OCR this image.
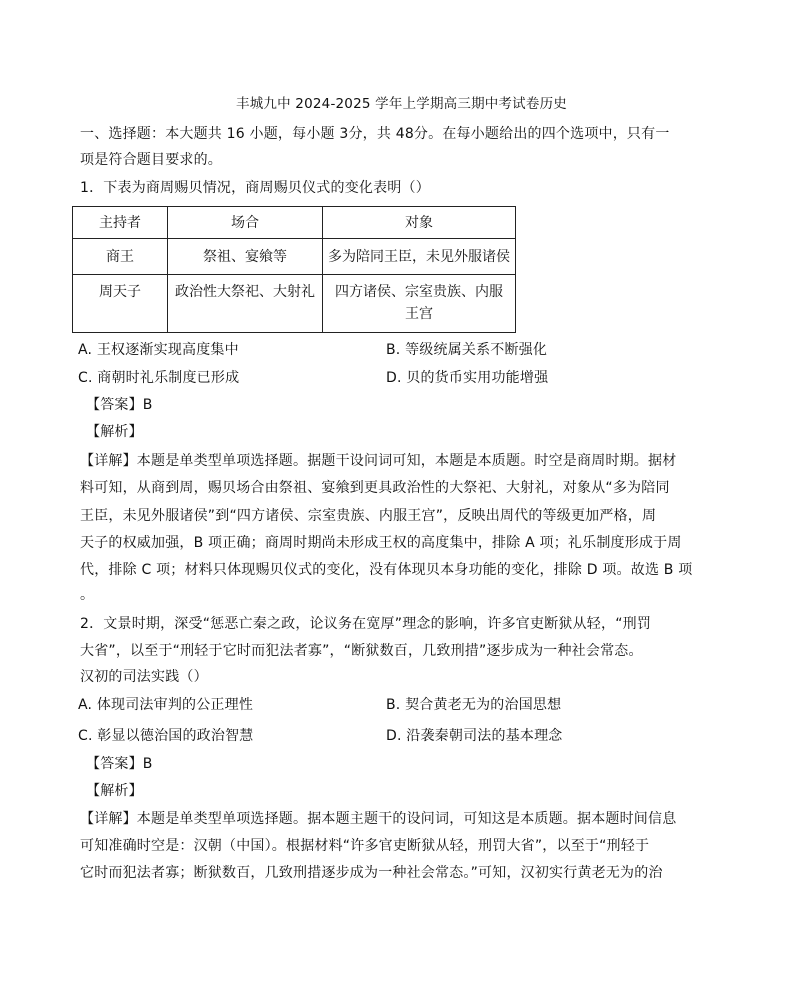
丰城九中 2024-2025 学年上学期高三期中考试卷历史
一、选择题：本大题共 16 小题，每小题 3分，共 48分。在每小题给出的四个选项中，只有一
项是符合题目要求的。
1．下表为商周赐贝情况，商周赐贝仪式的变化表明（）
主持者	场合	对象

商王	祭祖、宴飨等	多为陪同王臣，未见外服诸侯

周天子	政治性大祭祀、大射礼	四方诸侯、宗室贵族、内服王宫
A. 王权逐渐实现高度集中	B. 等级统属关系不断强化
C. 商朝时礼乐制度已形成	D. 贝的货币实用功能增强
【答案】B
【解析】
【详解】本题是单类型单项选择题。据题干设问词可知，本题是本质题。时空是商周时期。据材
料可知，从商到周，赐贝场合由祭祖、宴飨到更具政治性的大祭祀、大射礼，对象从“多为陪同
王臣，未见外服诸侯”到“四方诸侯、宗室贵族、内服王宫”，反映出周代的等级更加严格，周
天子的权威加强，B 项正确；商周时期尚未形成王权的高度集中，排除 A 项；礼乐制度形成于周
代，排除 C 项；材料只体现赐贝仪式的变化，没有体现贝本身功能的变化，排除 D 项。故选 B 项
。
2．文景时期，深受“惩恶亡秦之政，论议务在宽厚”理念的影响，许多官吏断狱从轻，“刑罚
大省”，以至于“刑轻于它时而犯法者寡”，“断狱数百，几致刑措”逐步成为一种社会常态。
汉初的司法实践（）
A. 体现司法审判的公正理性	B. 契合黄老无为的治国思想
C. 彰显以德治国的政治智慧	D. 沿袭秦朝司法的基本理念
【答案】B
【解析】
【详解】本题是单类型单项选择题。据本题主题干的设问词，可知这是本质题。据本题时间信息
可知准确时空是：汉朝（中国）。根据材料“许多官吏断狱从轻，刑罚大省”，以至于“刑轻于
它时而犯法者寡；断狱数百，几致刑措逐步成为一种社会常态。”可知，汉初实行黄老无为的治
